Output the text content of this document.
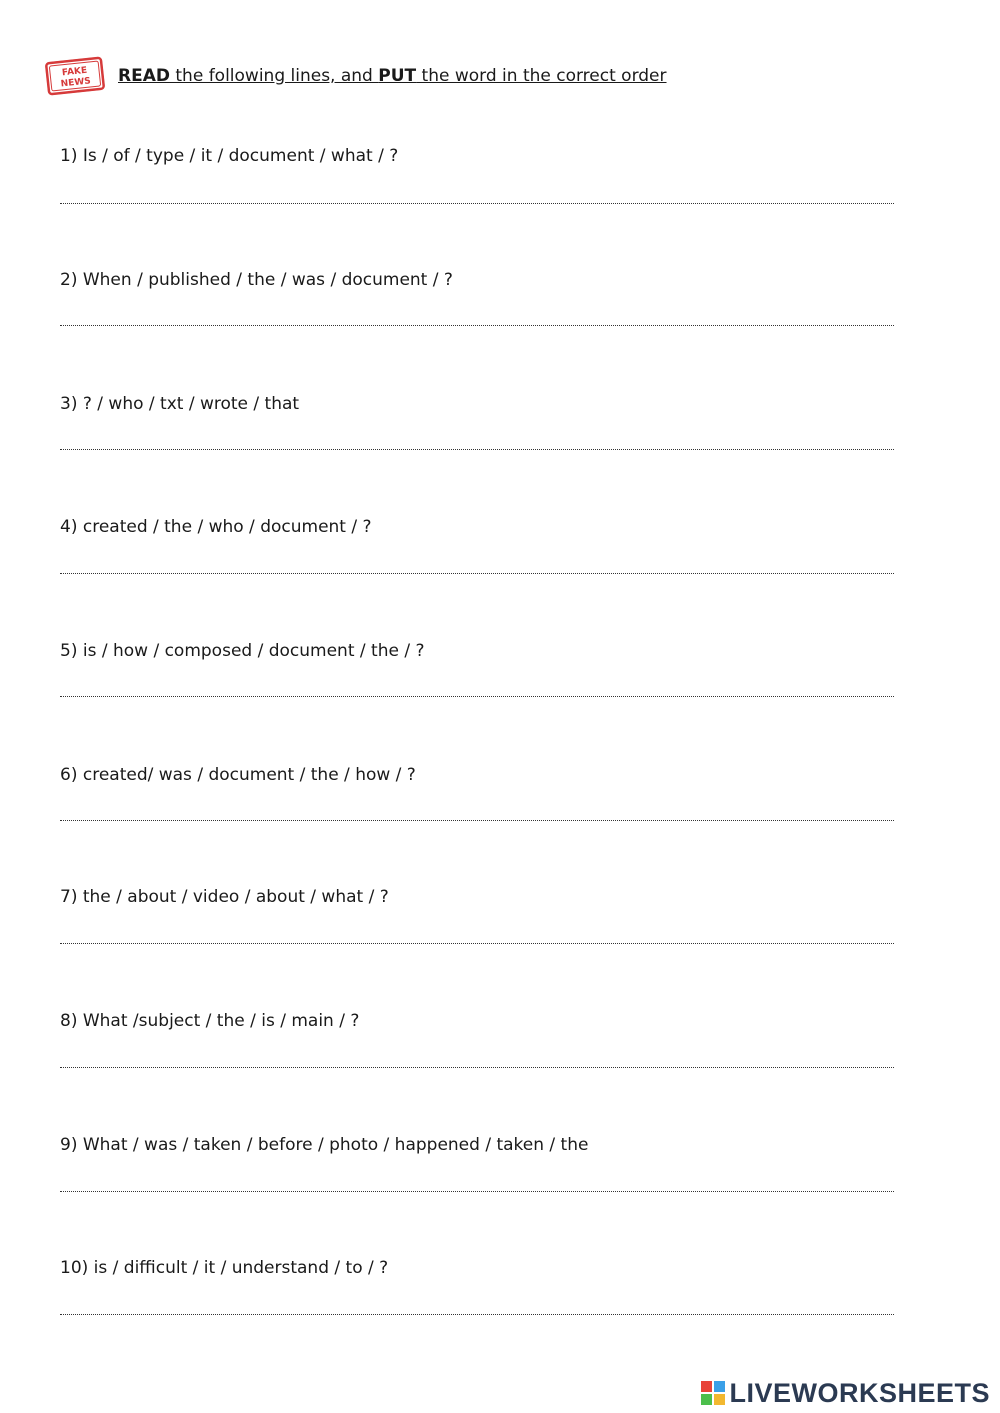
FAKE
NEWS READ the following lines, and PUT the word in the correct order
1) Is / of / type / it / document / what / ?
2) When / published / the / was / document / ?
3) ? / who / txt / wrote / that
4) created / the / who / document / ?
5) is / how / composed / document / the / ?
6) created/ was / document / the / how / ?
7) the / about / video / about / what / ?
8) What /subject / the / is / main / ?
9) What / was / taken / before / photo / happened / taken / the
10) is / difficult / it / understand / to / ?
LIVEWORKSHEETS
